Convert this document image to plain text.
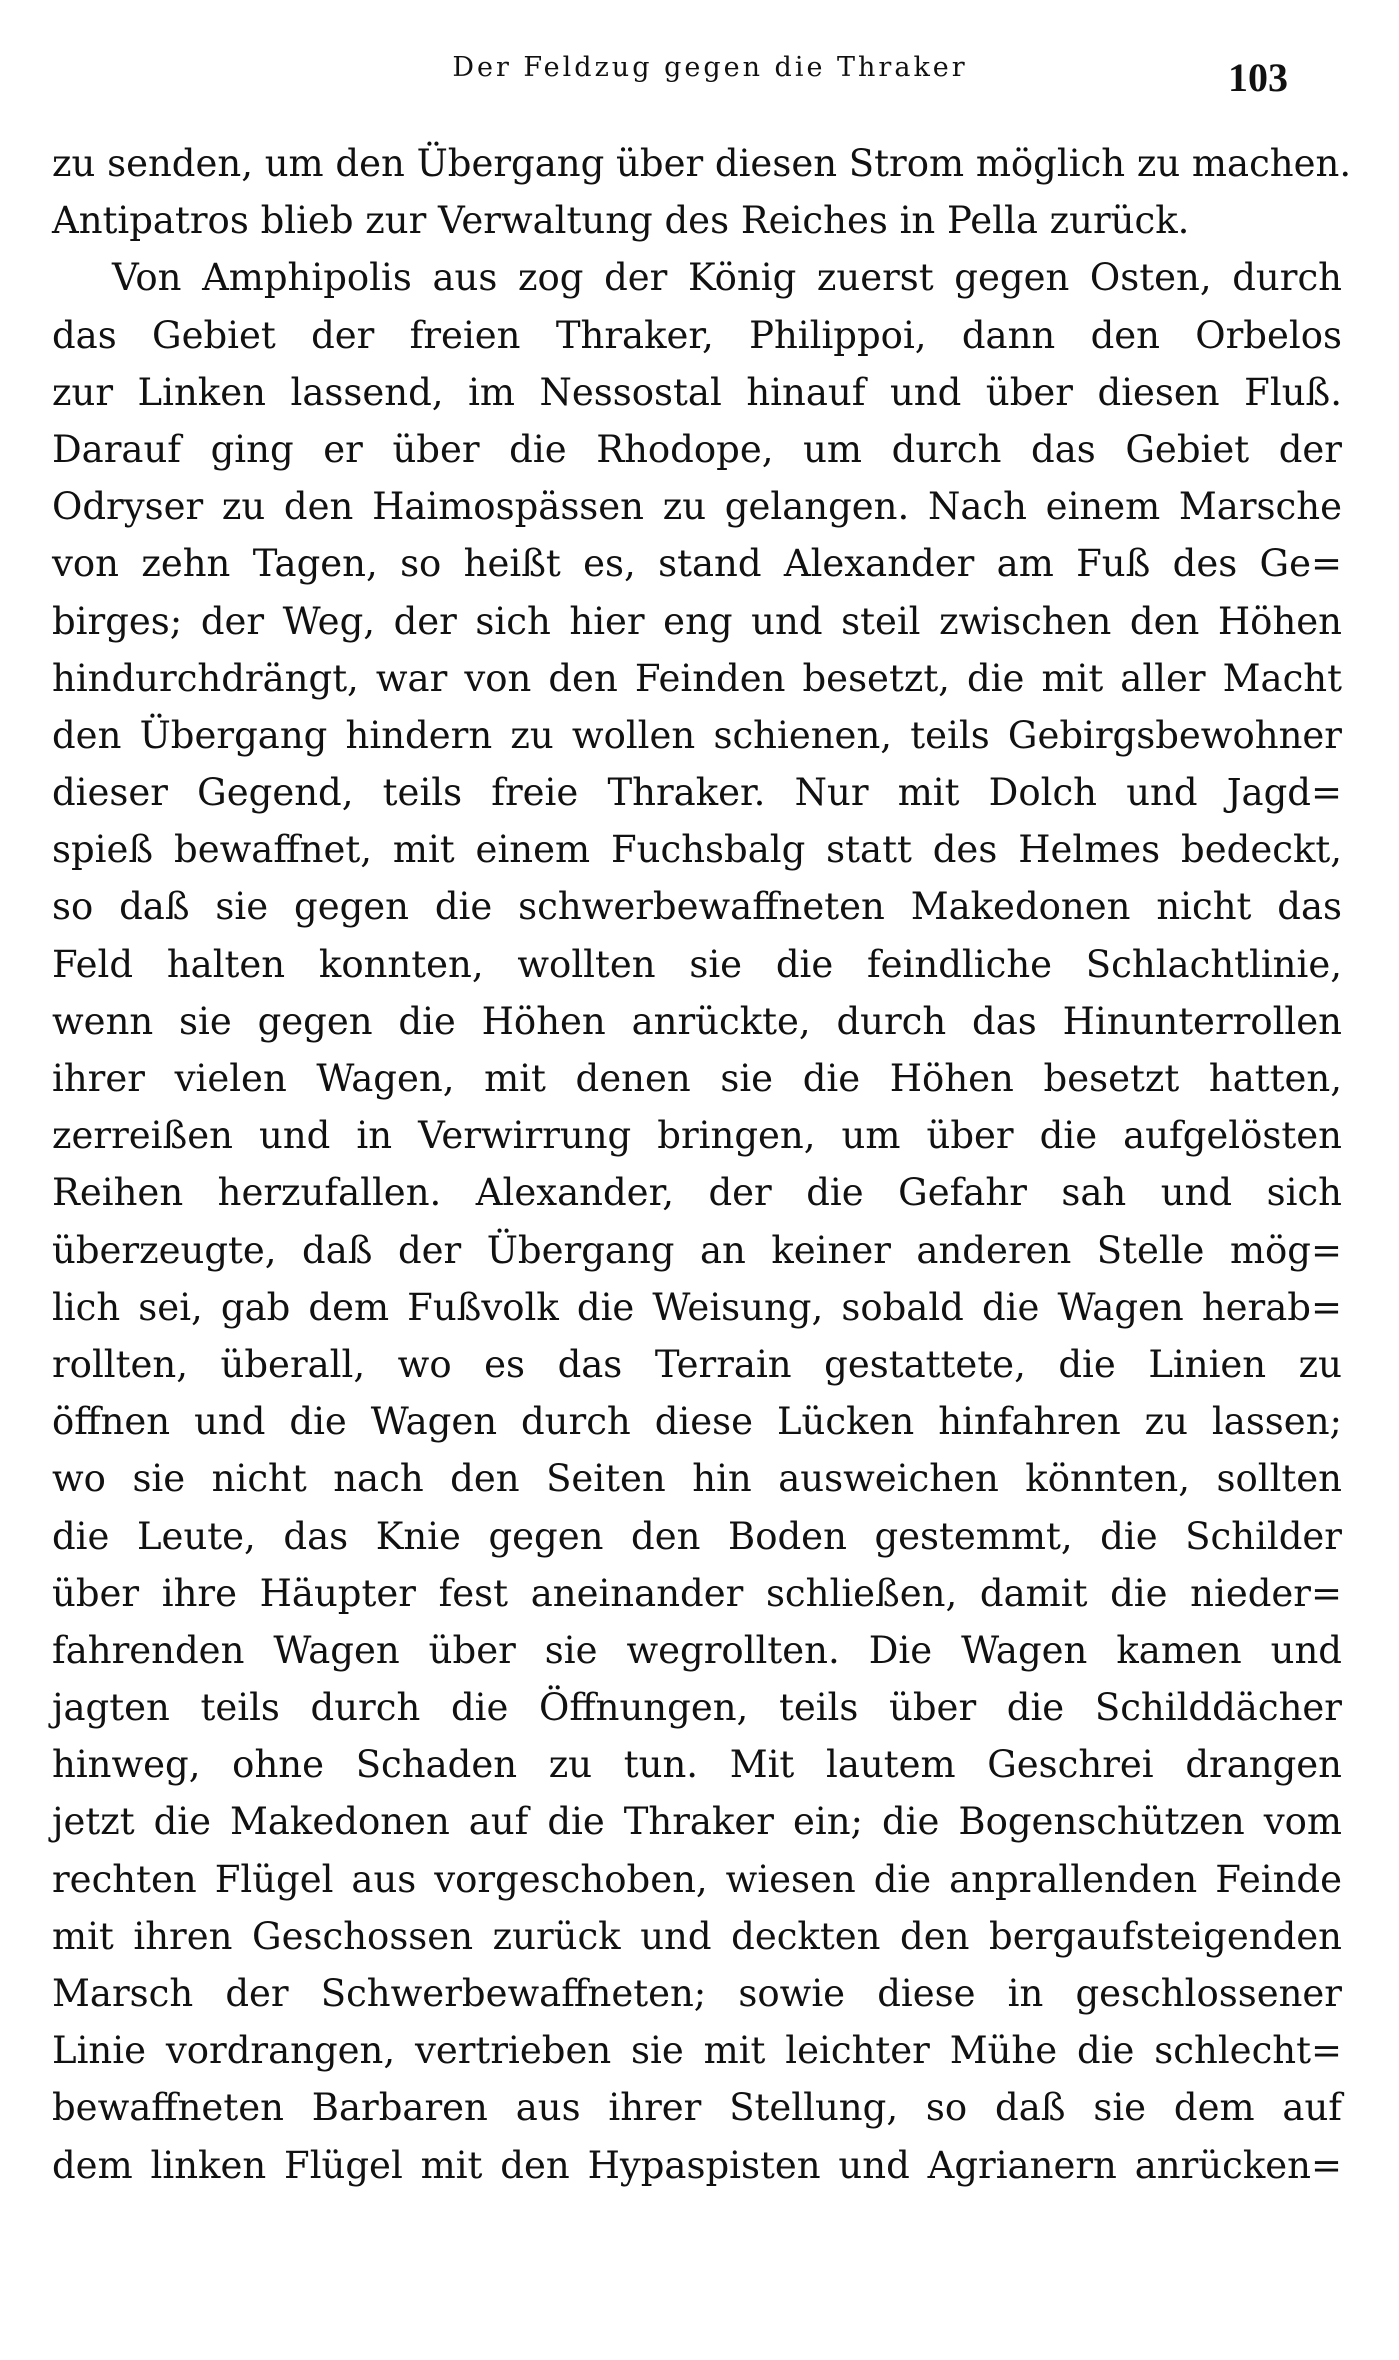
Der Feldzug gegen die Thraker	103
zu senden, um den Übergang über diesen Strom möglich zu machen.
Antipatros blieb zur Verwaltung des Reiches in Pella zurück.
Von Amphipolis aus zog der König zuerst gegen Osten, durch
das Gebiet der freien Thraker, Philippoi, dann den Orbelos
zur Linken lassend, im Nessostal hinauf und über diesen Fluß.
Darauf ging er über die Rhodope, um durch das Gebiet der
Odryser zu den Haimospässen zu gelangen. Nach einem Marsche
von zehn Tagen, so heißt es, stand Alexander am Fuß des Ge=
birges; der Weg, der sich hier eng und steil zwischen den Höhen
hindurchdrängt, war von den Feinden besetzt, die mit aller Macht
den Übergang hindern zu wollen schienen, teils Gebirgsbewohner
dieser Gegend, teils freie Thraker. Nur mit Dolch und Jagd=
spieß bewaffnet, mit einem Fuchsbalg statt des Helmes bedeckt,
so daß sie gegen die schwerbewaffneten Makedonen nicht das
Feld halten konnten, wollten sie die feindliche Schlachtlinie,
wenn sie gegen die Höhen anrückte, durch das Hinunterrollen
ihrer vielen Wagen, mit denen sie die Höhen besetzt hatten,
zerreißen und in Verwirrung bringen, um über die aufgelösten
Reihen herzufallen. Alexander, der die Gefahr sah und sich
überzeugte, daß der Übergang an keiner anderen Stelle mög=
lich sei, gab dem Fußvolk die Weisung, sobald die Wagen herab=
rollten, überall, wo es das Terrain gestattete, die Linien zu
öffnen und die Wagen durch diese Lücken hinfahren zu lassen;
wo sie nicht nach den Seiten hin ausweichen könnten, sollten
die Leute, das Knie gegen den Boden gestemmt, die Schilder
über ihre Häupter fest aneinander schließen, damit die nieder=
fahrenden Wagen über sie wegrollten. Die Wagen kamen und
jagten teils durch die Öffnungen, teils über die Schilddächer
hinweg, ohne Schaden zu tun. Mit lautem Geschrei drangen
jetzt die Makedonen auf die Thraker ein; die Bogenschützen vom
rechten Flügel aus vorgeschoben, wiesen die anprallenden Feinde
mit ihren Geschossen zurück und deckten den bergaufsteigenden
Marsch der Schwerbewaffneten; sowie diese in geschlossener
Linie vordrangen, vertrieben sie mit leichter Mühe die schlecht=
bewaffneten Barbaren aus ihrer Stellung, so daß sie dem auf
dem linken Flügel mit den Hypaspisten und Agrianern anrücken=
